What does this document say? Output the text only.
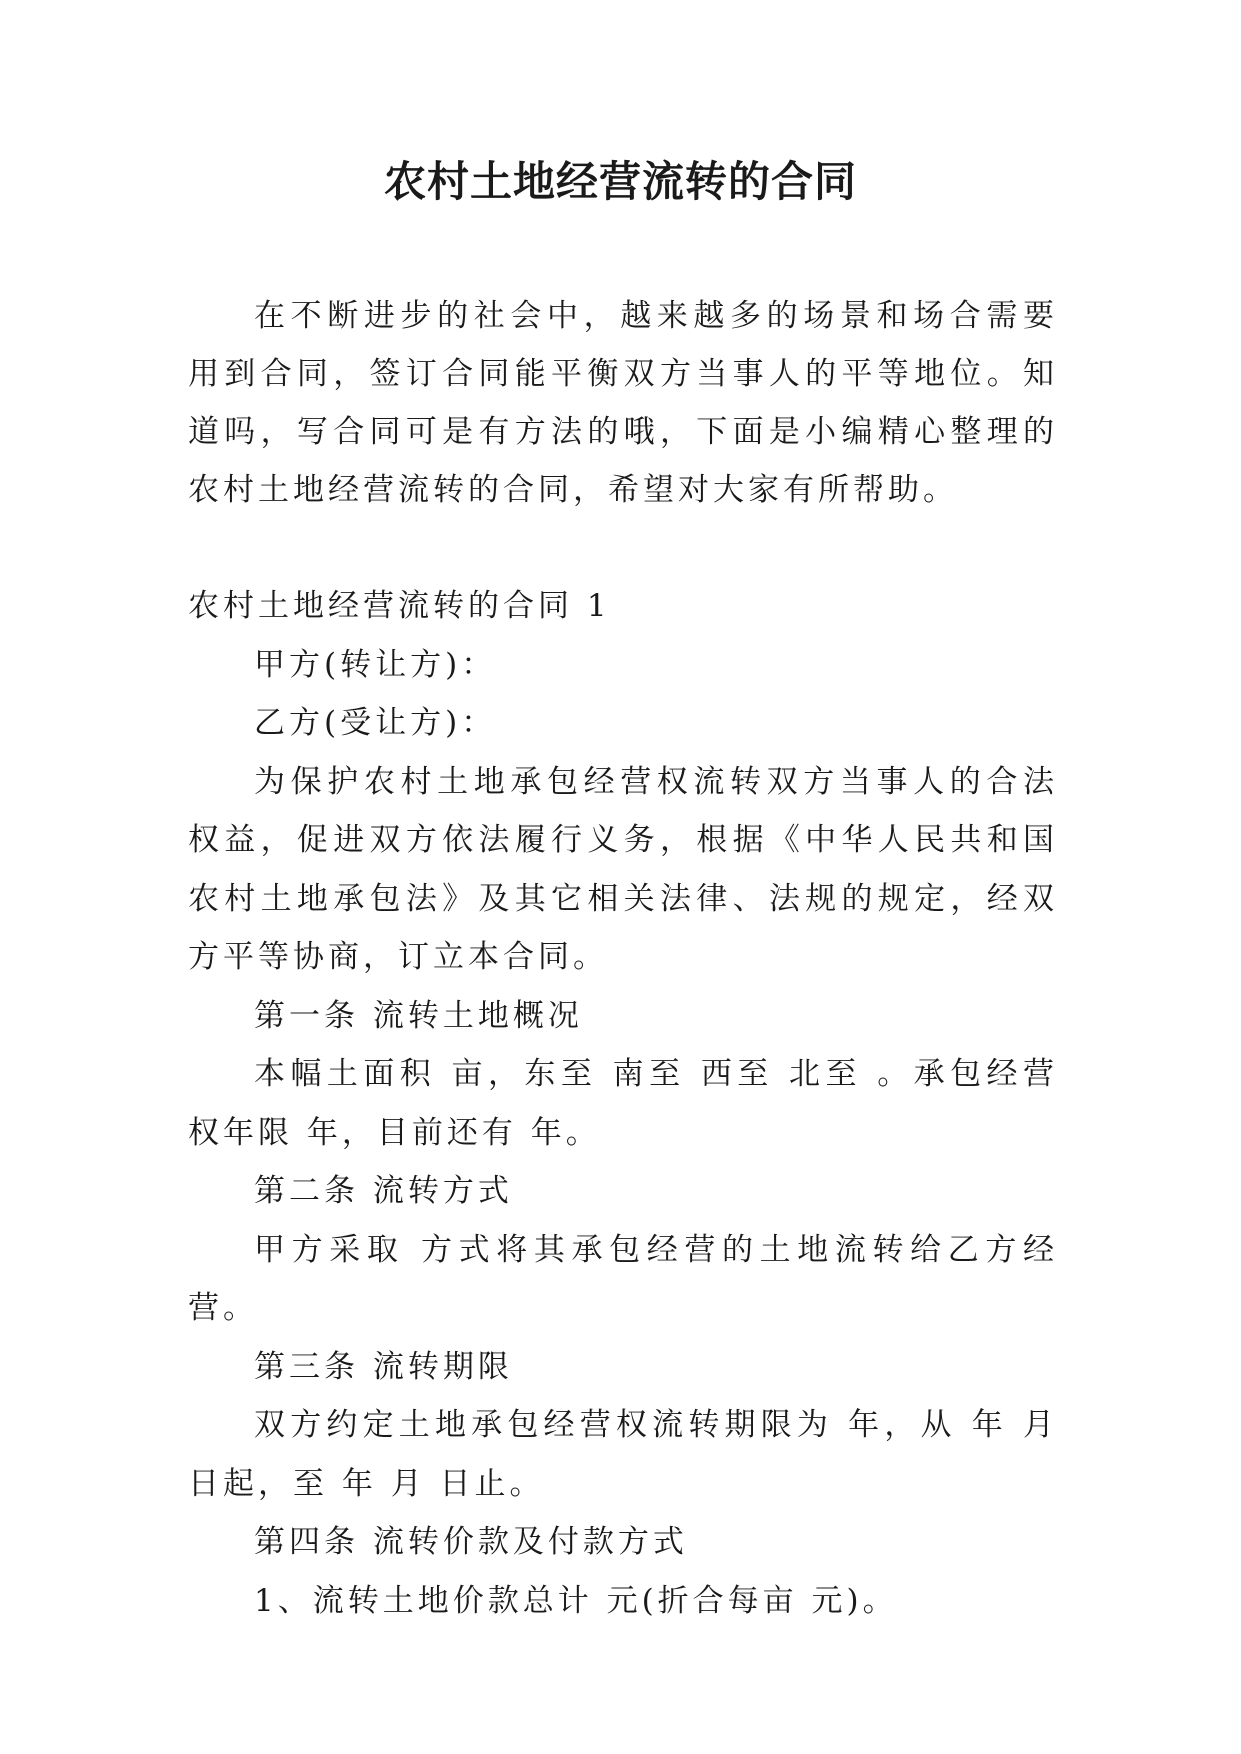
农村土地经营流转的合同

在不断进步的社会中，越来越多的场景和场合需要用到合同，签订合同能平衡双方当事人的平等地位。知道吗，写合同可是有方法的哦，下面是小编精心整理的农村土地经营流转的合同，希望对大家有所帮助。

农村土地经营流转的合同 1

甲方(转让方)：

乙方(受让方)：

为保护农村土地承包经营权流转双方当事人的合法权益，促进双方依法履行义务，根据《中华人民共和国农村土地承包法》及其它相关法律、法规的规定，经双方平等协商，订立本合同。

第一条 流转土地概况

本幅土面积 亩，东至 南至 西至 北至 。承包经营权年限 年，目前还有 年。

第二条 流转方式

甲方采取 方式将其承包经营的土地流转给乙方经营。

第三条 流转期限

双方约定土地承包经营权流转期限为 年，从 年 月 日起，至 年 月 日止。

第四条 流转价款及付款方式

1、流转土地价款总计 元(折合每亩 元)。
